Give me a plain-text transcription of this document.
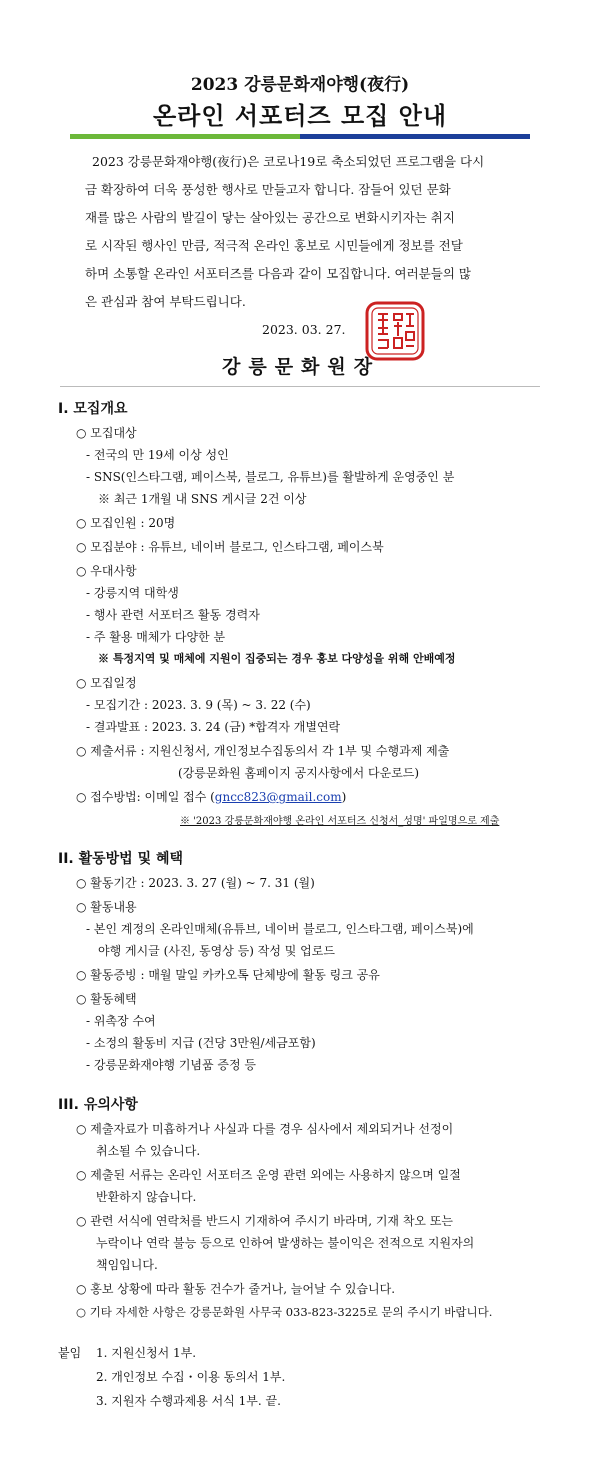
2023 강릉문화재야행(夜行)
온라인 서포터즈 모집 안내
2023 강릉문화재야행(夜行)은 코로나19로 축소되었던 프로그램을 다시
금 확장하여 더욱 풍성한 행사로 만들고자 합니다. 잠들어 있던 문화
재를 많은 사람의 발길이 닿는 살아있는 공간으로 변화시키자는 취지
로 시작된 행사인 만큼, 적극적 온라인 홍보로 시민들에게 정보를 전달
하며 소통할 온라인 서포터즈를 다음과 같이 모집합니다. 여러분들의 많
은 관심과 참여 부탁드립니다.
2023. 03. 27.
강릉문화원장
I. 모집개요
○ 모집대상
- 전국의 만 19세 이상 성인
- SNS(인스타그램, 페이스북, 블로그, 유튜브)를 활발하게 운영중인 분
※ 최근 1개월 내 SNS 게시글 2건 이상
○ 모집인원 : 20명
○ 모집분야 : 유튜브, 네이버 블로그, 인스타그램, 페이스북
○ 우대사항
- 강릉지역 대학생
- 행사 관련 서포터즈 활동 경력자
- 주 활용 매체가 다양한 분
※ 특정지역 및 매체에 지원이 집중되는 경우 홍보 다양성을 위해 안배예정
○ 모집일정
- 모집기간 : 2023. 3. 9 (목) ~ 3. 22 (수)
- 결과발표 : 2023. 3. 24 (금) *합격자 개별연락
○ 제출서류 : 지원신청서, 개인정보수집동의서 각 1부 및 수행과제 제출
(강릉문화원 홈페이지 공지사항에서 다운로드)
○ 접수방법: 이메일 접수 (gncc823@gmail.com)
※ '2023 강릉문화재야행 온라인 서포터즈 신청서_성명' 파일명으로 제출
II. 활동방법 및 혜택
○ 활동기간 : 2023. 3. 27 (월) ~ 7. 31 (월)
○ 활동내용
- 본인 계정의 온라인매체(유튜브, 네이버 블로그, 인스타그램, 페이스북)에
야행 게시글 (사진, 동영상 등) 작성 및 업로드
○ 활동증빙 : 매월 말일 카카오톡 단체방에 활동 링크 공유
○ 활동혜택
- 위촉장 수여
- 소정의 활동비 지급 (건당 3만원/세금포함)
- 강릉문화재야행 기념품 증정 등
III. 유의사항
○ 제출자료가 미흡하거나 사실과 다를 경우 심사에서 제외되거나 선정이
취소될 수 있습니다.
○ 제출된 서류는 온라인 서포터즈 운영 관련 외에는 사용하지 않으며 일절
반환하지 않습니다.
○ 관련 서식에 연락처를 반드시 기재하여 주시기 바라며, 기재 착오 또는
누락이나 연락 불능 등으로 인하여 발생하는 불이익은 전적으로 지원자의
책임입니다.
○ 홍보 상황에 따라 활동 건수가 줄거나, 늘어날 수 있습니다.
○ 기타 자세한 사항은 강릉문화원 사무국 033-823-3225로 문의 주시기 바랍니다.
붙임 1. 지원신청서 1부.
2. 개인정보 수집・이용 동의서 1부.
3. 지원자 수행과제용 서식 1부. 끝.
